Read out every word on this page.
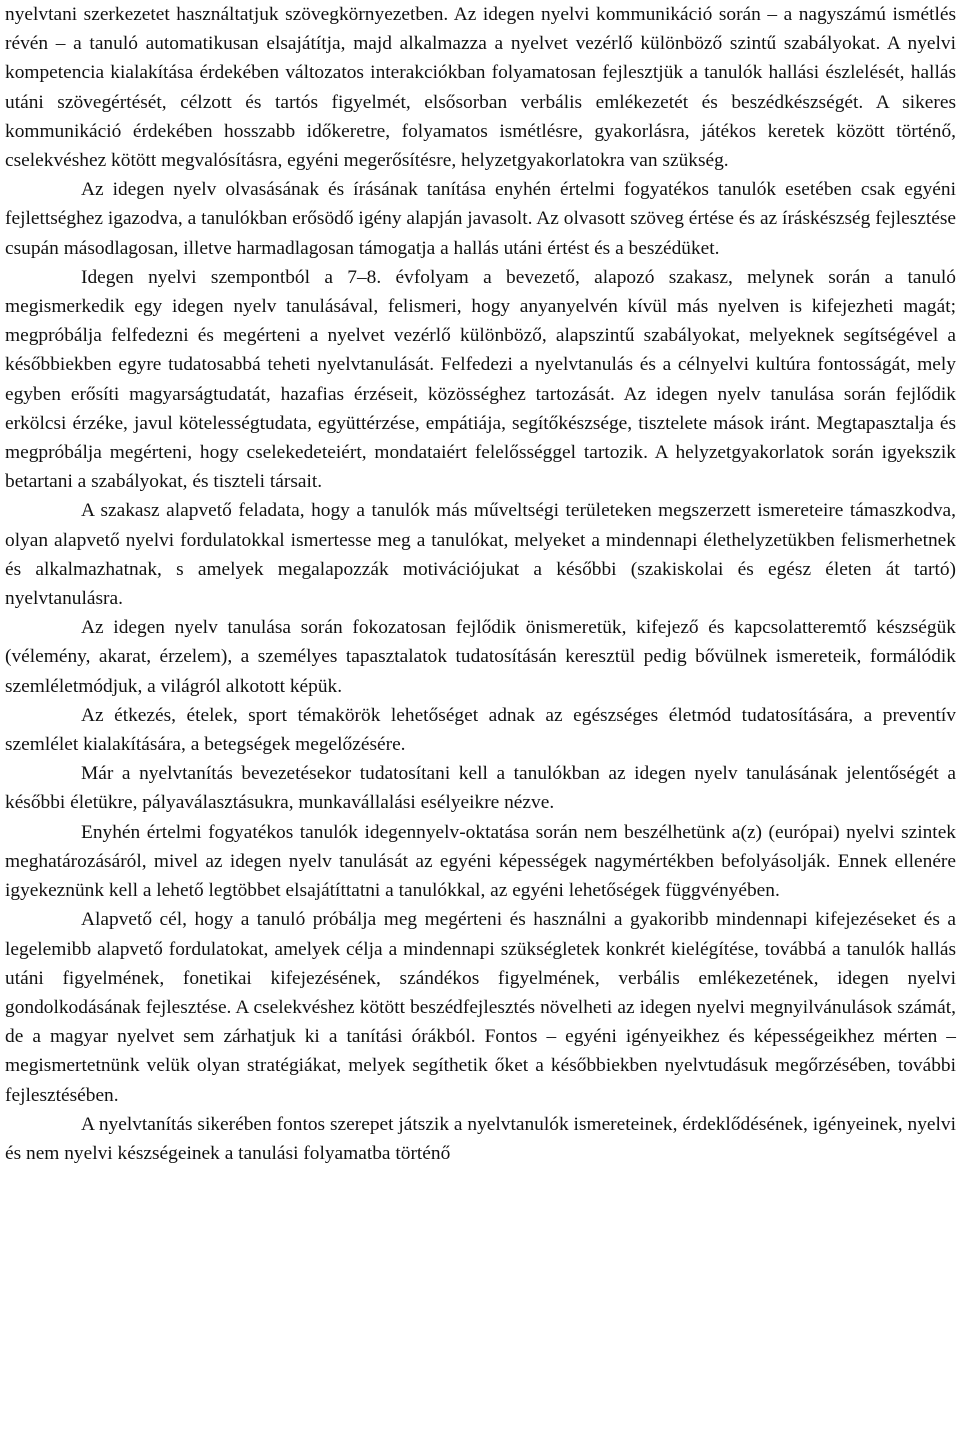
nyelvtani szerkezetet használtatjuk szövegkörnyezetben. Az idegen nyelvi kommunikáció során – a nagyszámú ismétlés révén – a tanuló automatikusan elsajátítja, majd alkalmazza a nyelvet vezérlő különböző szintű szabályokat. A nyelvi kompetencia kialakítása érdekében változatos interakciókban folyamatosan fejlesztjük a tanulók hallási észlelését, hallás utáni szövegértését, célzott és tartós figyelmét, elsősorban verbális emlékezetét és beszédkészségét. A sikeres kommunikáció érdekében hosszabb időkeretre, folyamatos ismétlésre, gyakorlásra, játékos keretek között történő, cselekvéshez kötött megvalósításra, egyéni megerősítésre, helyzetgyakorlatokra van szükség.

Az idegen nyelv olvasásának és írásának tanítása enyhén értelmi fogyatékos tanulók esetében csak egyéni fejlettséghez igazodva, a tanulókban erősödő igény alapján javasolt. Az olvasott szöveg értése és az íráskészség fejlesztése csupán másodlagosan, illetve harmadlagosan támogatja a hallás utáni értést és a beszédüket.

Idegen nyelvi szempontból a 7–8. évfolyam a bevezető, alapozó szakasz, melynek során a tanuló megismerkedik egy idegen nyelv tanulásával, felismeri, hogy anyanyelvén kívül más nyelven is kifejezheti magát; megpróbálja felfedezni és megérteni a nyelvet vezérlő különböző, alapszintű szabályokat, melyeknek segítségével a későbbiekben egyre tudatosabbá teheti nyelvtanulását. Felfedezi a nyelvtanulás és a célnyelvi kultúra fontosságát, mely egyben erősíti magyarságtudatát, hazafias érzéseit, közösséghez tartozását. Az idegen nyelv tanulása során fejlődik erkölcsi érzéke, javul kötelességtudata, együttérzése, empátiája, segítőkészsége, tisztelete mások iránt. Megtapasztalja és megpróbálja megérteni, hogy cselekedeteiért, mondataiért felelősséggel tartozik. A helyzetgyakorlatok során igyekszik betartani a szabályokat, és tiszteli társait.

A szakasz alapvető feladata, hogy a tanulók más műveltségi területeken megszerzett ismereteire támaszkodva, olyan alapvető nyelvi fordulatokkal ismertesse meg a tanulókat, melyeket a mindennapi élethelyzetükben felismerhetnek és alkalmazhatnak, s amelyek megalapozzák motivációjukat a későbbi (szakiskolai és egész életen át tartó) nyelvtanulásra.

Az idegen nyelv tanulása során fokozatosan fejlődik önismeretük, kifejező és kapcsolatteremtő készségük (vélemény, akarat, érzelem), a személyes tapasztalatok tudatosításán keresztül pedig bővülnek ismereteik, formálódik szemléletmódjuk, a világról alkotott képük.

Az étkezés, ételek, sport témakörök lehetőséget adnak az egészséges életmód tudatosítására, a preventív szemlélet kialakítására, a betegségek megelőzésére.

Már a nyelvtanítás bevezetésekor tudatosítani kell a tanulókban az idegen nyelv tanulásának jelentőségét a későbbi életükre, pályaválasztásukra, munkavállalási esélyeikre nézve.

Enyhén értelmi fogyatékos tanulók idegennyelv-oktatása során nem beszélhetünk a(z) (európai) nyelvi szintek meghatározásáról, mivel az idegen nyelv tanulását az egyéni képességek nagymértékben befolyásolják. Ennek ellenére igyekeznünk kell a lehető legtöbbet elsajátíttatni a tanulókkal, az egyéni lehetőségek függvényében.

Alapvető cél, hogy a tanuló próbálja meg megérteni és használni a gyakoribb mindennapi kifejezéseket és a legelemibb alapvető fordulatokat, amelyek célja a mindennapi szükségletek konkrét kielégítése, továbbá a tanulók hallás utáni figyelmének, fonetikai kifejezésének, szándékos figyelmének, verbális emlékezetének, idegen nyelvi gondolkodásának fejlesztése. A cselekvéshez kötött beszédfejlesztés növelheti az idegen nyelvi megnyilvánulások számát, de a magyar nyelvet sem zárhatjuk ki a tanítási órákból. Fontos – egyéni igényeikhez és képességeikhez mérten – megismertetnünk velük olyan stratégiákat, melyek segíthetik őket a későbbiekben nyelvtudásuk megőrzésében, további fejlesztésében.

A nyelvtanítás sikerében fontos szerepet játszik a nyelvtanulók ismereteinek, érdeklődésének, igényeinek, nyelvi és nem nyelvi készségeinek a tanulási folyamatba történő
